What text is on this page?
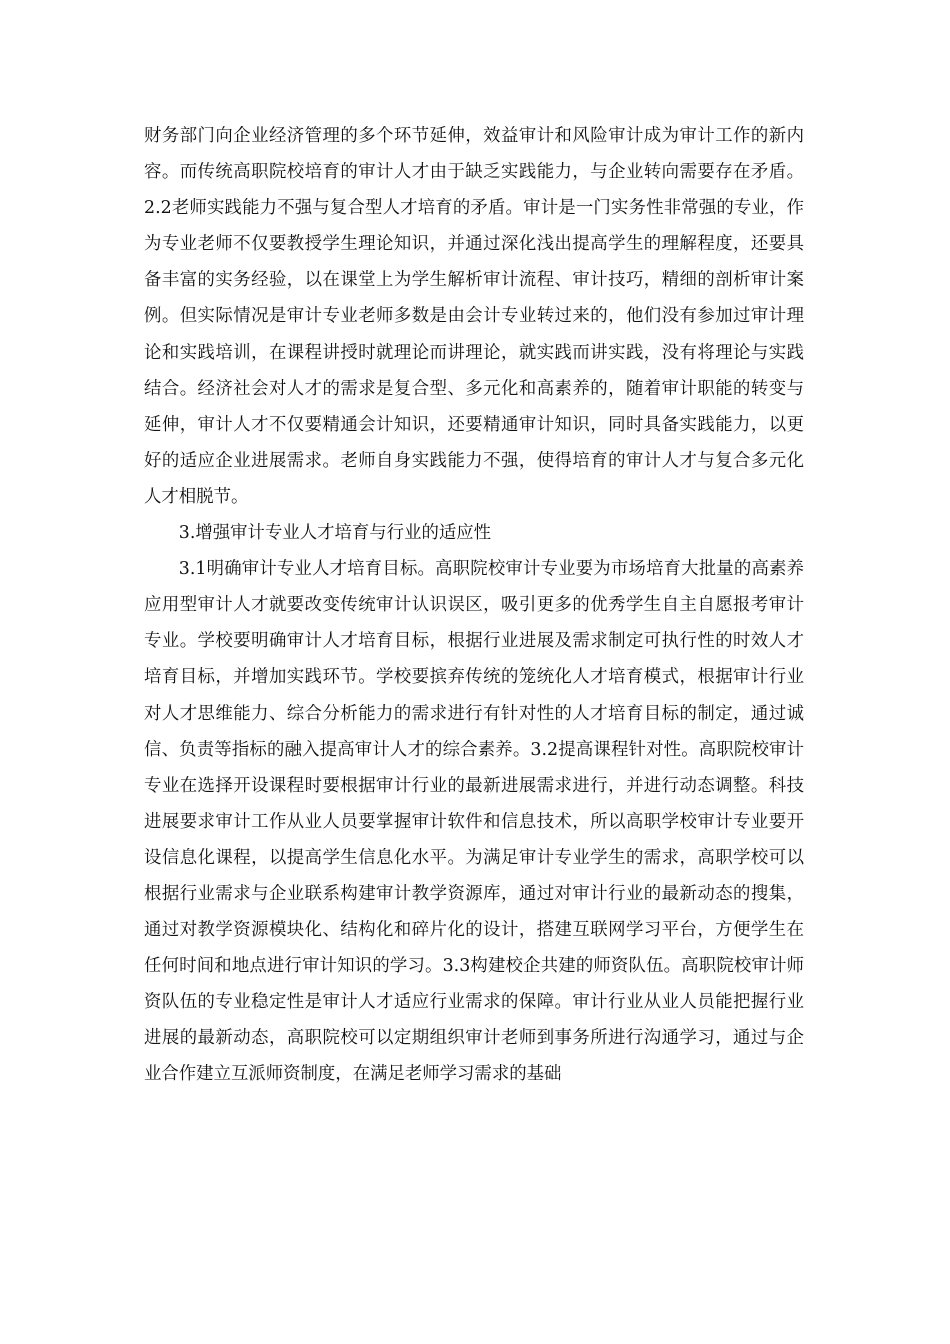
财务部门向企业经济管理的多个环节延伸，效益审计和风险审计成为审计工作的新内容。而传统高职院校培育的审计人才由于缺乏实践能力，与企业转向需要存在矛盾。2.2老师实践能力不强与复合型人才培育的矛盾。审计是一门实务性非常强的专业，作为专业老师不仅要教授学生理论知识，并通过深化浅出提高学生的理解程度，还要具备丰富的实务经验，以在课堂上为学生解析审计流程、审计技巧，精细的剖析审计案例。但实际情况是审计专业老师多数是由会计专业转过来的，他们没有参加过审计理论和实践培训，在课程讲授时就理论而讲理论，就实践而讲实践，没有将理论与实践结合。经济社会对人才的需求是复合型、多元化和高素养的，随着审计职能的转变与延伸，审计人才不仅要精通会计知识，还要精通审计知识，同时具备实践能力，以更好的适应企业进展需求。老师自身实践能力不强，使得培育的审计人才与复合多元化人才相脱节。

3.增强审计专业人才培育与行业的适应性

3.1明确审计专业人才培育目标。高职院校审计专业要为市场培育大批量的高素养应用型审计人才就要改变传统审计认识误区，吸引更多的优秀学生自主自愿报考审计专业。学校要明确审计人才培育目标，根据行业进展及需求制定可执行性的时效人才培育目标，并增加实践环节。学校要摈弃传统的笼统化人才培育模式，根据审计行业对人才思维能力、综合分析能力的需求进行有针对性的人才培育目标的制定，通过诚信、负责等指标的融入提高审计人才的综合素养。3.2提高课程针对性。高职院校审计专业在选择开设课程时要根据审计行业的最新进展需求进行，并进行动态调整。科技进展要求审计工作从业人员要掌握审计软件和信息技术，所以高职学校审计专业要开设信息化课程，以提高学生信息化水平。为满足审计专业学生的需求，高职学校可以根据行业需求与企业联系构建审计教学资源库，通过对审计行业的最新动态的搜集，通过对教学资源模块化、结构化和碎片化的设计，搭建互联网学习平台，方便学生在任何时间和地点进行审计知识的学习。3.3构建校企共建的师资队伍。高职院校审计师资队伍的专业稳定性是审计人才适应行业需求的保障。审计行业从业人员能把握行业进展的最新动态，高职院校可以定期组织审计老师到事务所进行沟通学习，通过与企业合作建立互派师资制度，在满足老师学习需求的基础
